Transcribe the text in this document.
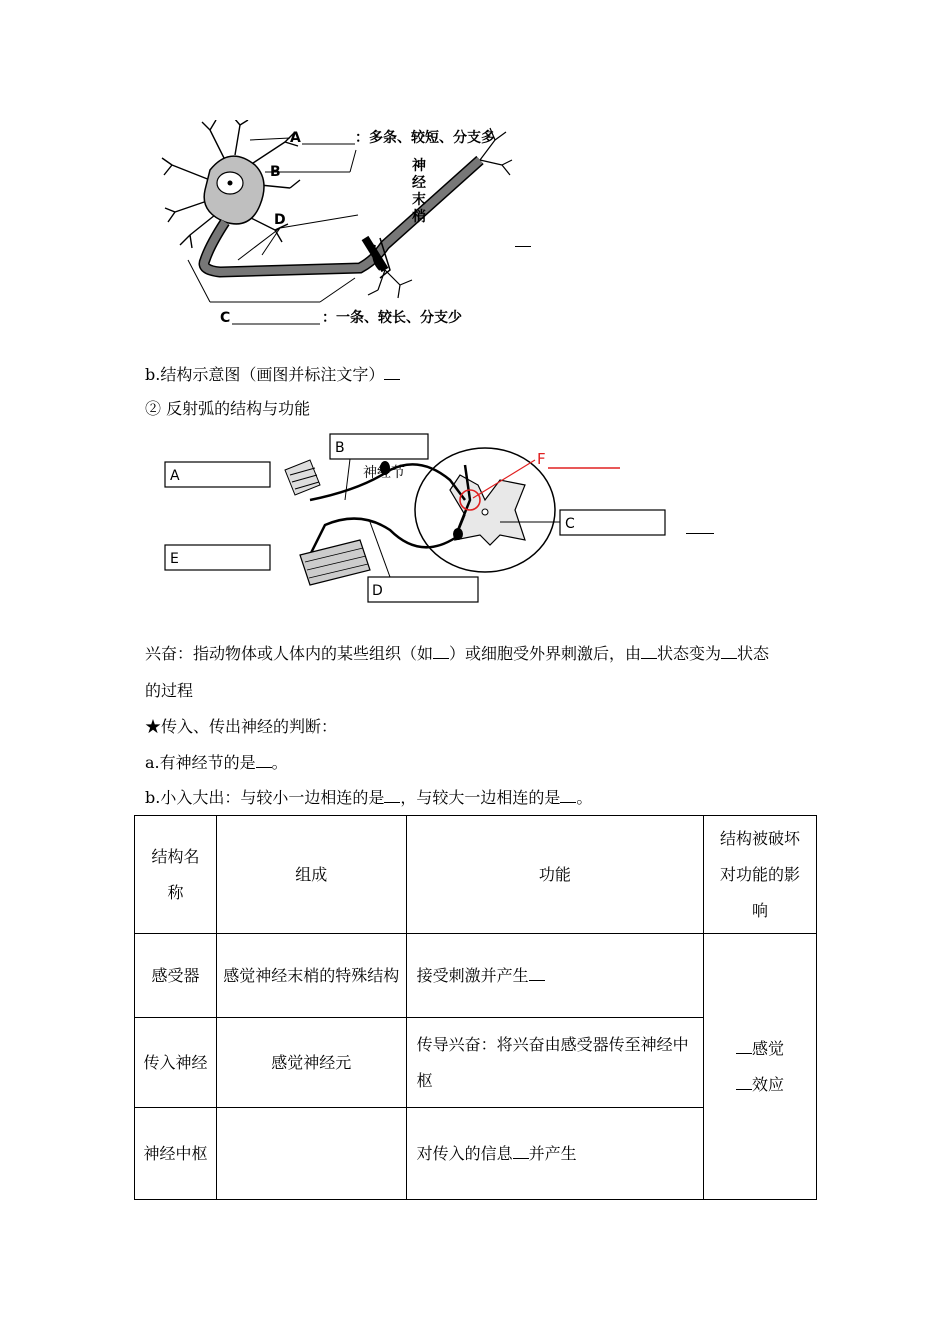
A	：多条、较短、分支多
B
D
C	：一条、较长、分支少
神
经
末
梢
b.结构示意图（画图并标注文字）
② 反射弧的结构与功能
A
B
C
E
D
F
神经节
兴奋：指动物体或人体内的某些组织（如 ）或细胞受外界刺激后，由 状态变为 状态
的过程
★传入、传出神经的判断：
a.有神经节的是 。
b.小入大出：与较小一边相连的是 ，与较大一边相连的是 。
结构名称	组成	功能	结构被破坏对功能的影响
感受器	感觉神经末梢的特殊结构	接受刺激并产生	感觉
效应
传入神经	感觉神经元	传导兴奋：将兴奋由感受器传至神经中枢	
神经中枢		对传入的信息 并产生	
